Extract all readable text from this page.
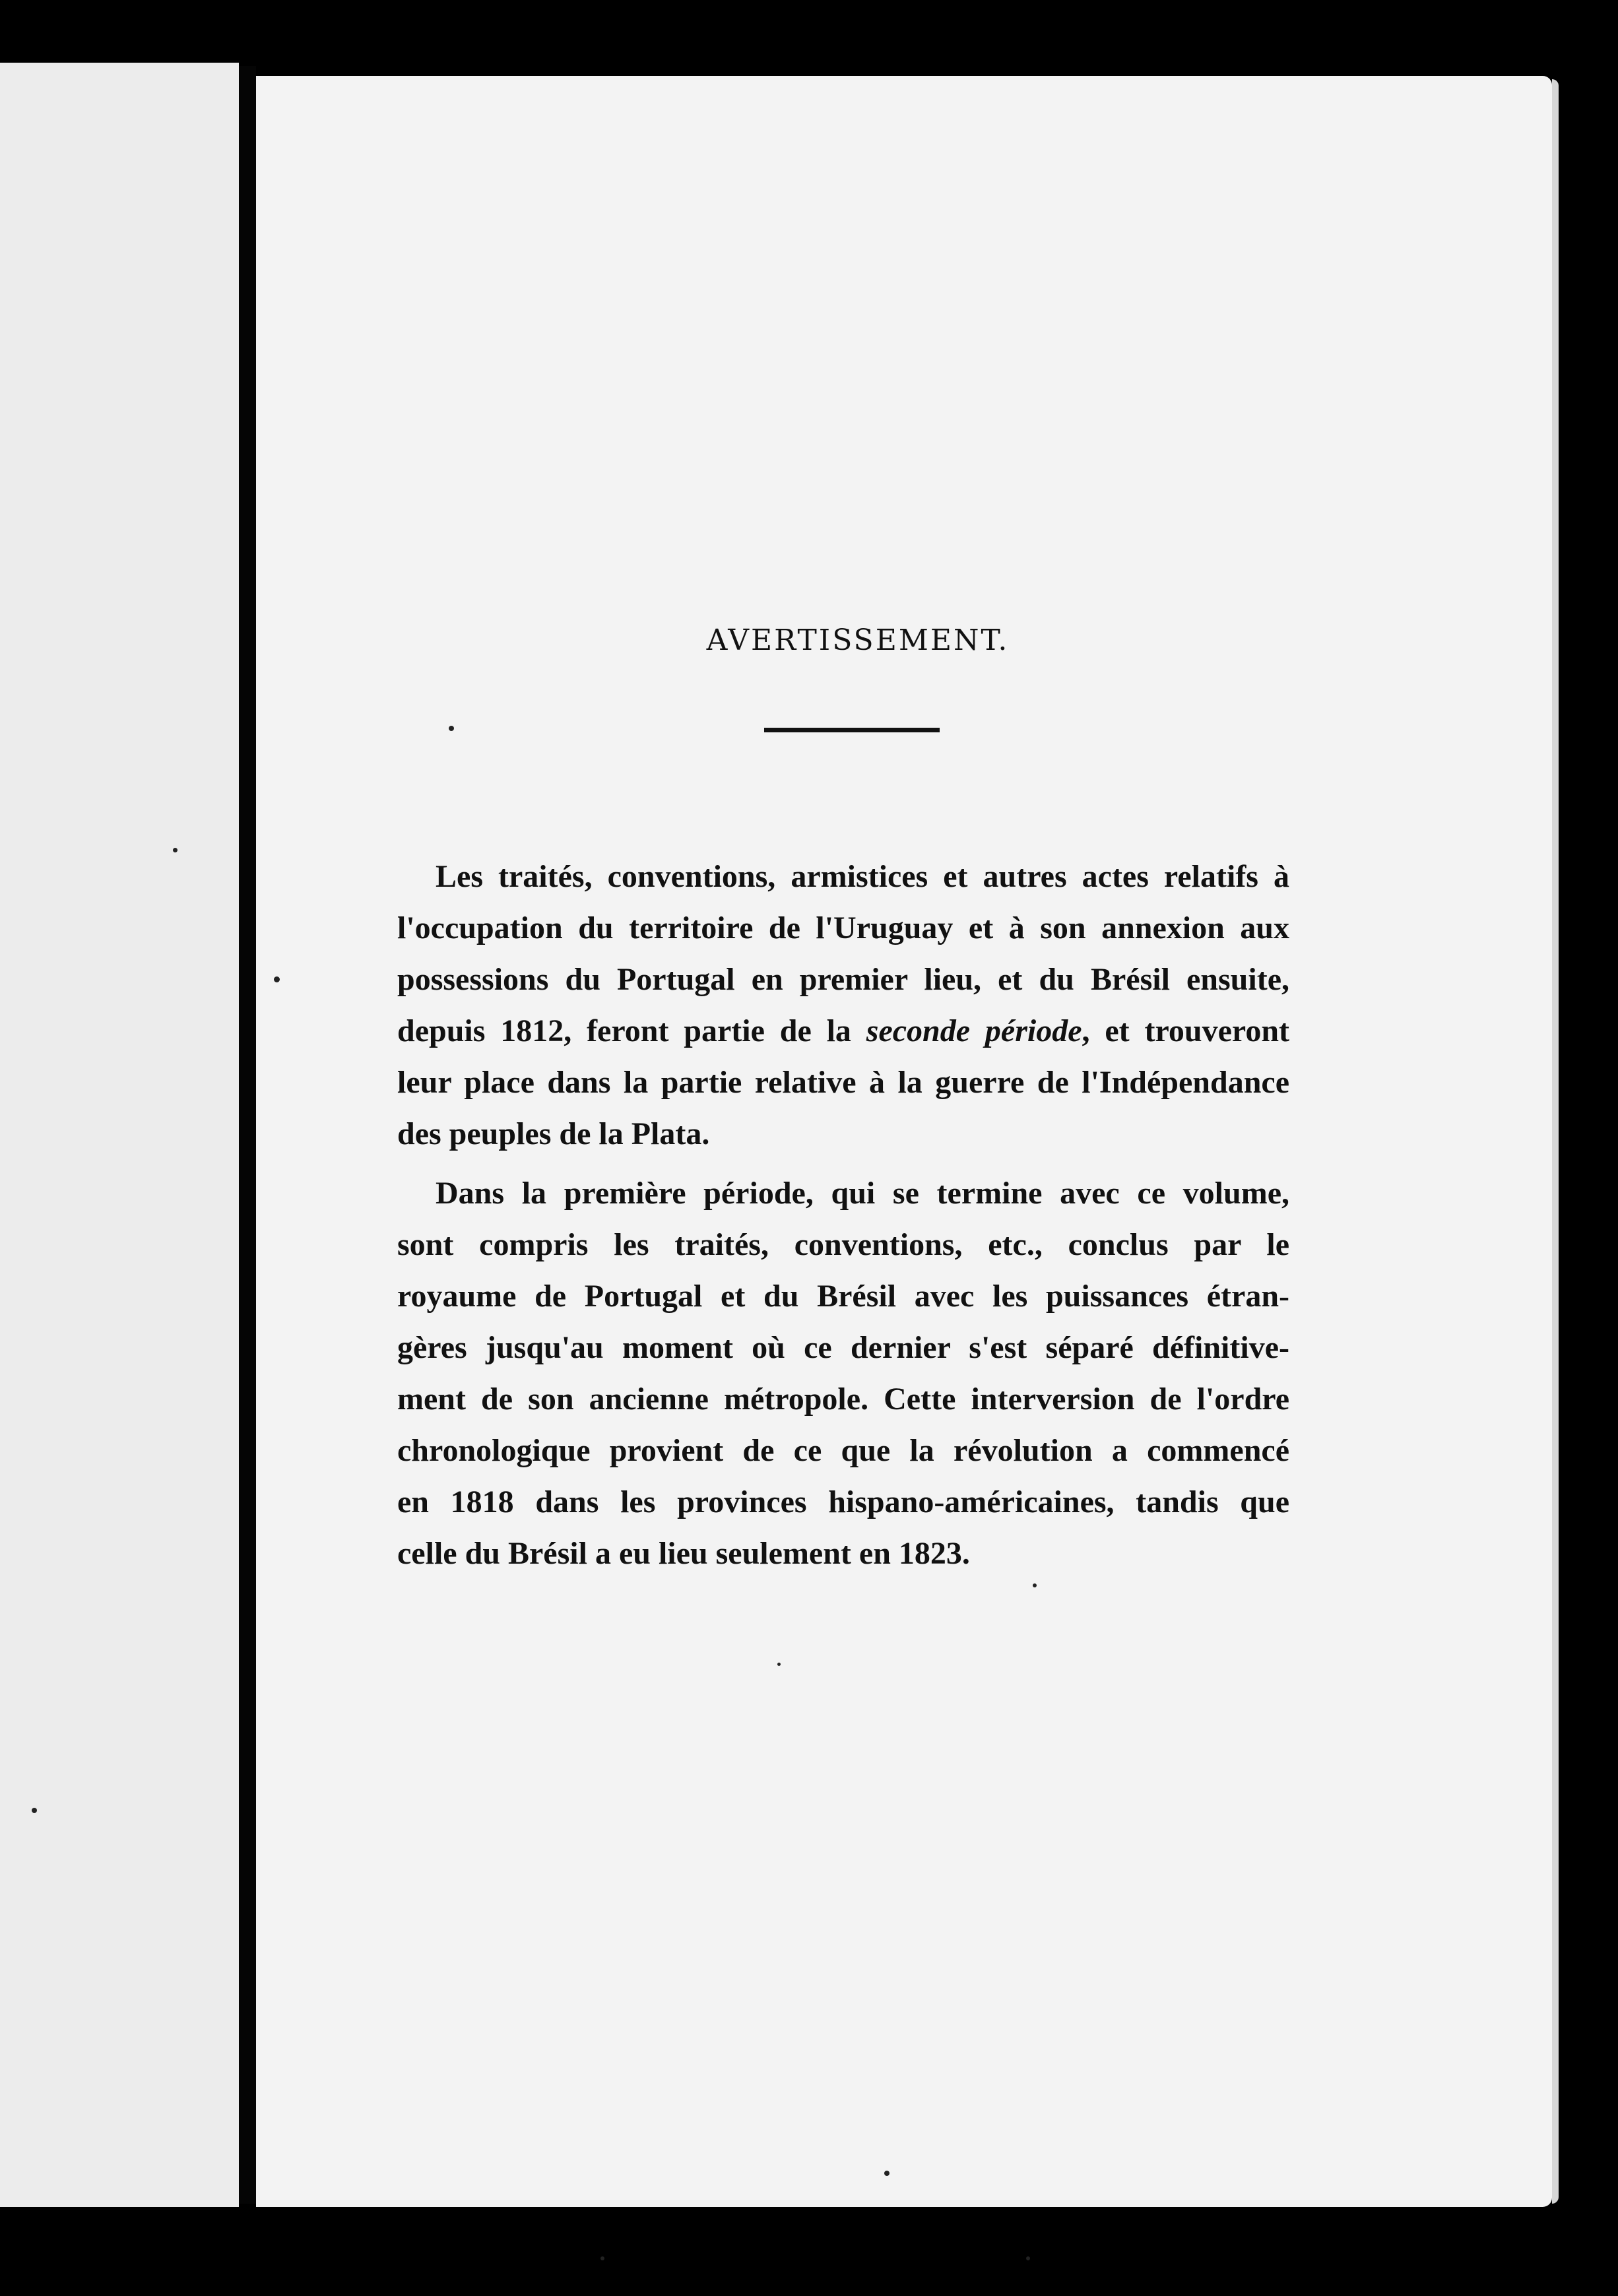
AVERTISSEMENT.
Les traités, conventions, armistices et autres actes relatifs à
l'occupation du territoire de l'Uruguay et à son annexion aux
possessions du Portugal en premier lieu, et du Brésil ensuite,
depuis 1812, feront partie de la seconde période, et trouveront
leur place dans la partie relative à la guerre de l'Indépendance
des peuples de la Plata.
Dans la première période, qui se termine avec ce volume,
sont compris les traités, conventions, etc., conclus par le
royaume de Portugal et du Brésil avec les puissances étran-
gères jusqu'au moment où ce dernier s'est séparé définitive-
ment de son ancienne métropole. Cette interversion de l'ordre
chronologique provient de ce que la révolution a commencé
en 1818 dans les provinces hispano-américaines, tandis que
celle du Brésil a eu lieu seulement en 1823.
